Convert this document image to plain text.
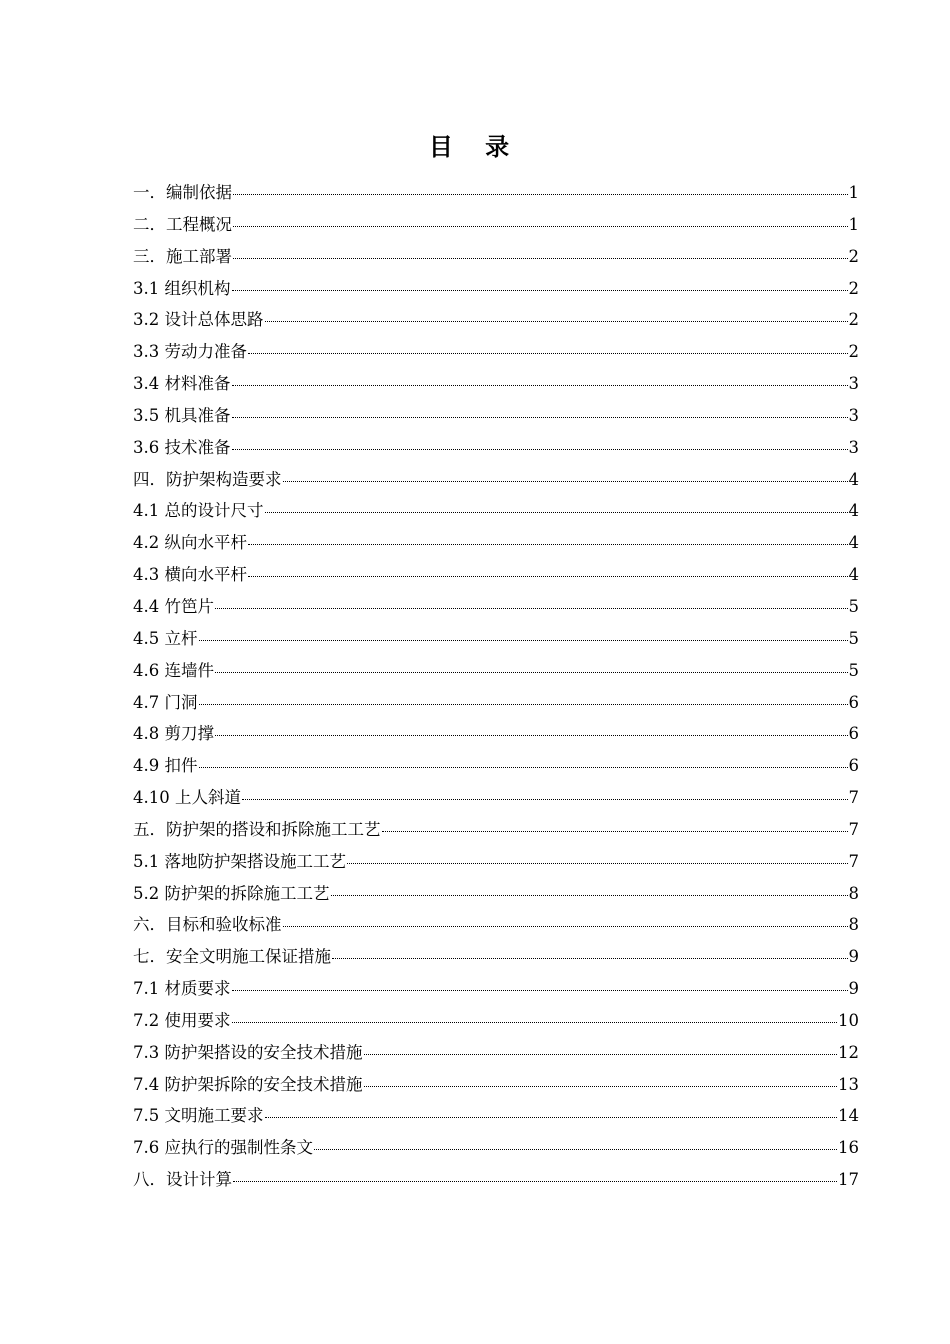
目 录
一．编制依据	1
二．工程概况	1
三．施工部署	2
3.1 组织机构	2
3.2 设计总体思路	2
3.3 劳动力准备	2
3.4 材料准备	3
3.5 机具准备	3
3.6 技术准备	3
四．防护架构造要求	4
4.1 总的设计尺寸	4
4.2 纵向水平杆	4
4.3 横向水平杆	4
4.4 竹笆片	5
4.5 立杆	5
4.6 连墙件	5
4.7 门洞	6
4.8 剪刀撑	6
4.9 扣件	6
4.10 上人斜道	7
五．防护架的搭设和拆除施工工艺	7
5.1 落地防护架搭设施工工艺	7
5.2 防护架的拆除施工工艺	8
六．目标和验收标准	8
七．安全文明施工保证措施	9
7.1 材质要求	9
7.2 使用要求	10
7.3 防护架搭设的安全技术措施	12
7.4 防护架拆除的安全技术措施	13
7.5 文明施工要求	14
7.6 应执行的强制性条文	16
八．设计计算	17
